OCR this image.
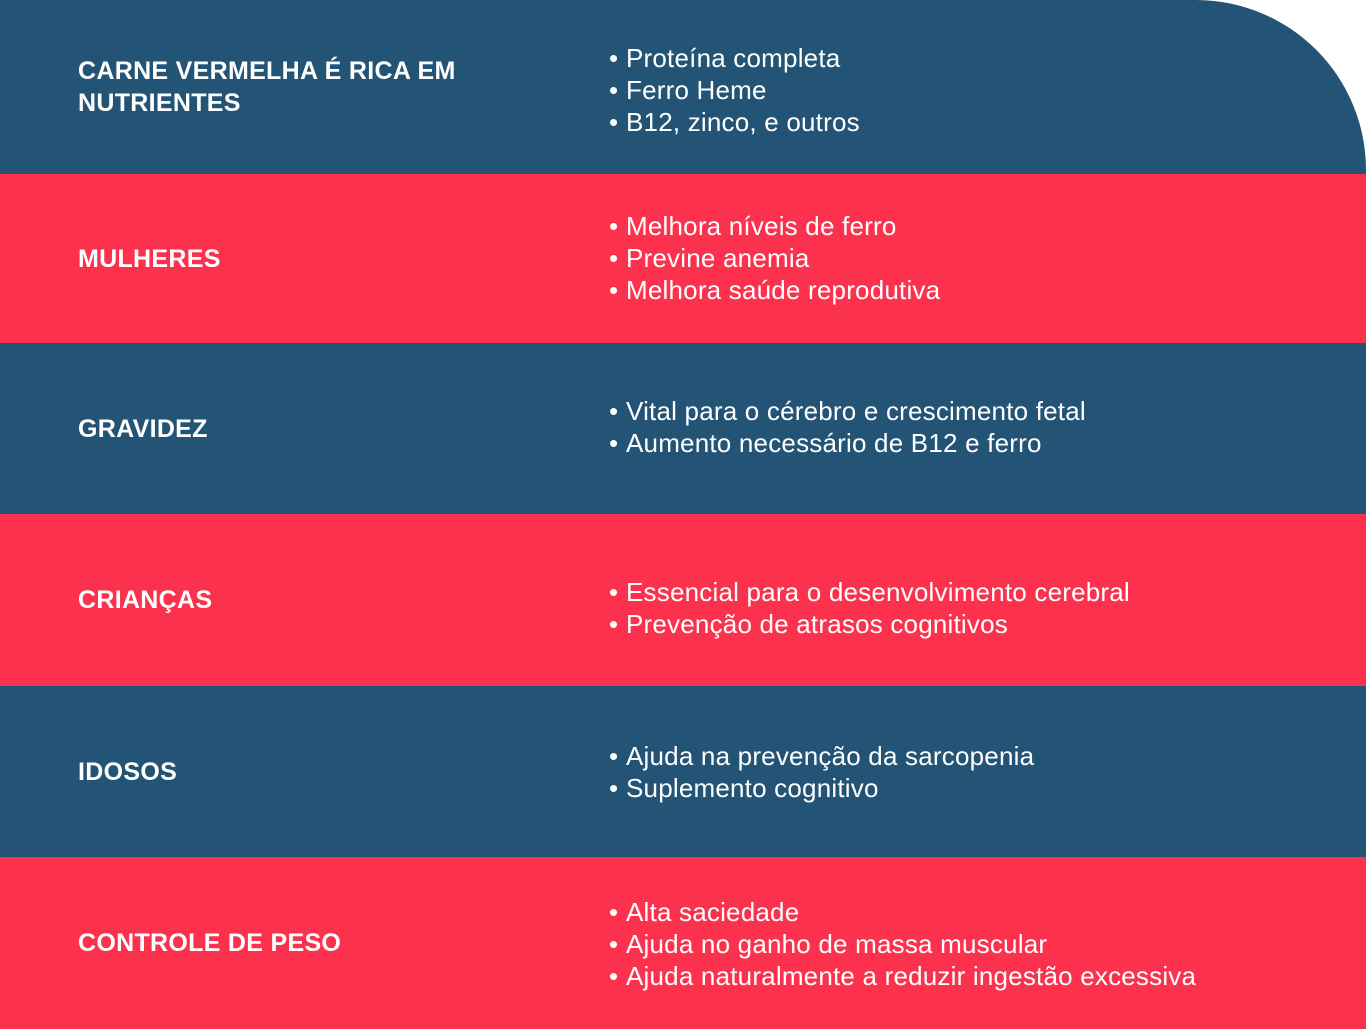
CARNE VERMELHA É RICA EM NUTRIENTES
• Proteína completa
• Ferro Heme
• B12, zinco, e outros
MULHERES
• Melhora níveis de ferro
• Previne anemia
• Melhora saúde reprodutiva
GRAVIDEZ
• Vital para o cérebro e crescimento fetal
• Aumento necessário de B12 e ferro
CRIANÇAS	• Essencial para o desenvolvimento cerebral
• Prevenção de atrasos cognitivos
IDOSOS
• Ajuda na prevenção da sarcopenia
• Suplemento cognitivo
CONTROLE DE PESO
• Alta saciedade
• Ajuda no ganho de massa muscular
• Ajuda naturalmente a reduzir ingestão excessiva
